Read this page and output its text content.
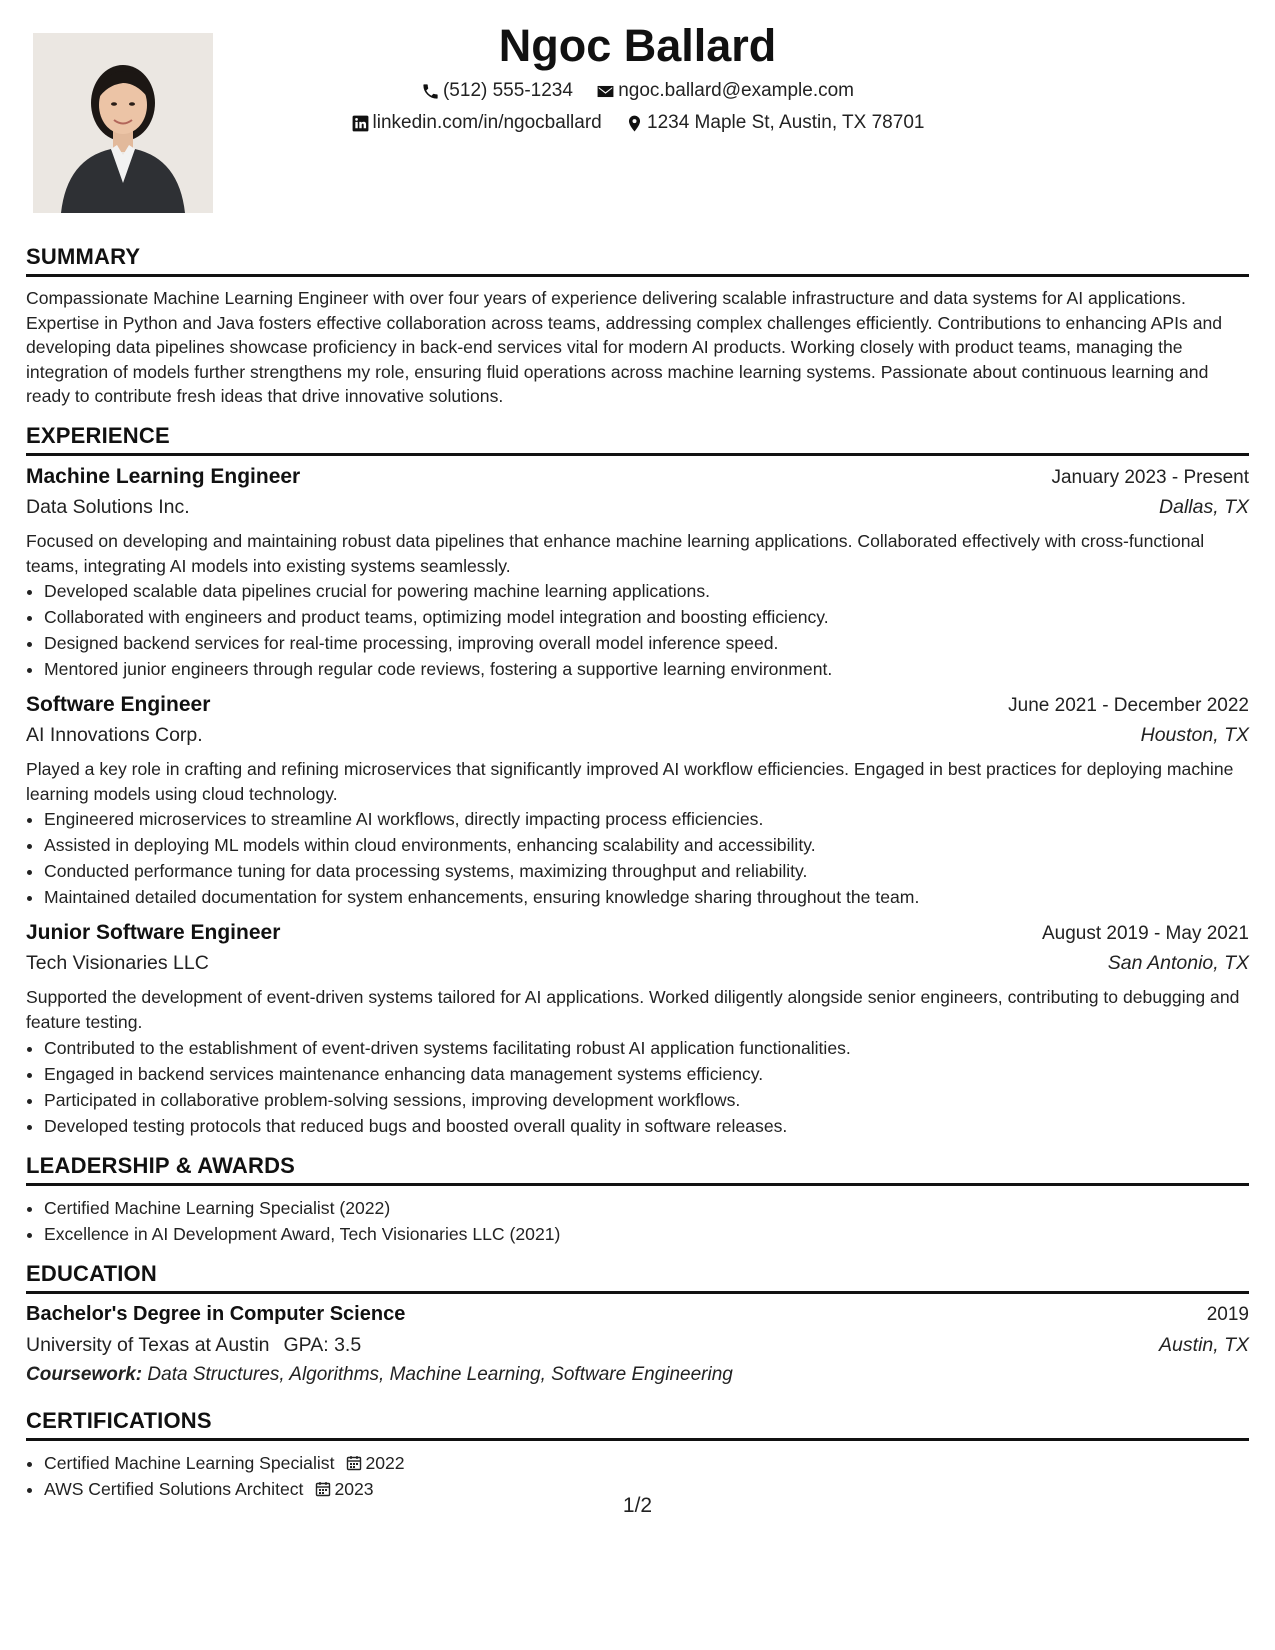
Ngoc Ballard
(512) 555-1234
ngoc.ballard@example.com
linkedin.com/in/ngocballard
1234 Maple St, Austin, TX 78701
SUMMARY

Compassionate Machine Learning Engineer with over four years of experience delivering scalable infrastructure and data systems for AI applications. Expertise in Python and Java fosters effective collaboration across teams, addressing complex challenges efficiently. Contributions to enhancing APIs and developing data pipelines showcase proficiency in back-end services vital for modern AI products. Working closely with product teams, managing the integration of models further strengthens my role, ensuring fluid operations across machine learning systems. Passionate about continuous learning and ready to contribute fresh ideas that drive innovative solutions.

EXPERIENCE
Machine Learning Engineer	January 2023 - Present
Data Solutions Inc.	Dallas, TX

Focused on developing and maintaining robust data pipelines that enhance machine learning applications. Collaborated effectively with cross-functional teams, integrating AI models into existing systems seamlessly.

• Developed scalable data pipelines crucial for powering machine learning applications.
• Collaborated with engineers and product teams, optimizing model integration and boosting efficiency.
• Designed backend services for real-time processing, improving overall model inference speed.
• Mentored junior engineers through regular code reviews, fostering a supportive learning environment.
Software Engineer	June 2021 - December 2022
AI Innovations Corp.	Houston, TX

Played a key role in crafting and refining microservices that significantly improved AI workflow efficiencies. Engaged in best practices for deploying machine learning models using cloud technology.

• Engineered microservices to streamline AI workflows, directly impacting process efficiencies.
• Assisted in deploying ML models within cloud environments, enhancing scalability and accessibility.
• Conducted performance tuning for data processing systems, maximizing throughput and reliability.
• Maintained detailed documentation for system enhancements, ensuring knowledge sharing throughout the team.
Junior Software Engineer	August 2019 - May 2021
Tech Visionaries LLC	San Antonio, TX

Supported the development of event-driven systems tailored for AI applications. Worked diligently alongside senior engineers, contributing to debugging and feature testing.

• Contributed to the establishment of event-driven systems facilitating robust AI application functionalities.
• Engaged in backend services maintenance enhancing data management systems efficiency.
• Participated in collaborative problem-solving sessions, improving development workflows.
• Developed testing protocols that reduced bugs and boosted overall quality in software releases.
LEADERSHIP & AWARDS
• Certified Machine Learning Specialist (2022)
• Excellence in AI Development Award, Tech Visionaries LLC (2021)
EDUCATION
Bachelor's Degree in Computer Science	2019
University of Texas at Austin GPA: 3.5	Austin, TX
Coursework: Data Structures, Algorithms, Machine Learning, Software Engineering
CERTIFICATIONS
• Certified Machine Learning Specialist 2022
• AWS Certified Solutions Architect 2023
1/2
